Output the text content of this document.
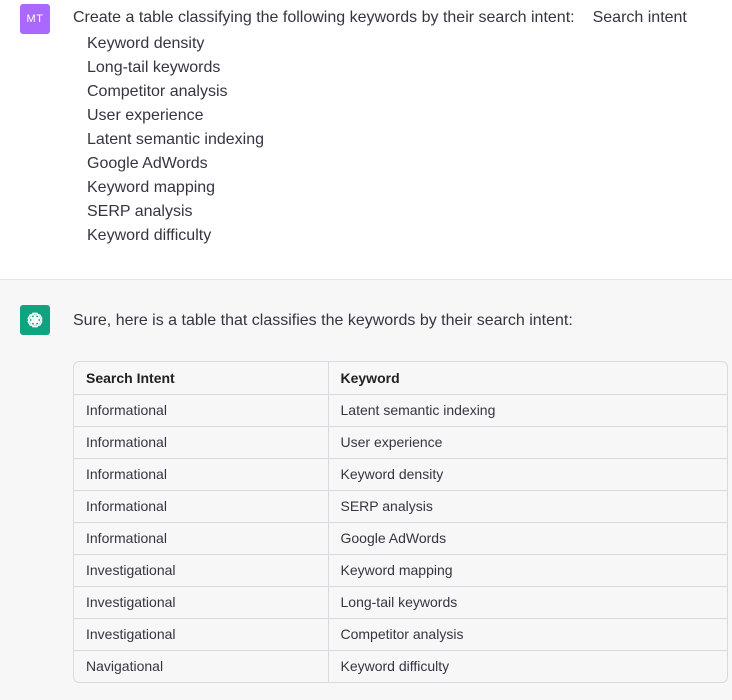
MT	Create a table classifying the following keywords by their search intent: Search intent
Keyword density
Long-tail keywords
Competitor analysis
User experience
Latent semantic indexing
Google AdWords
Keyword mapping
SERP analysis
Keyword difficulty
Sure, here is a table that classifies the keywords by their search intent:
Search Intent	Keyword
Informational	Latent semantic indexing
Informational	User experience
Informational	Keyword density
Informational	SERP analysis
Informational	Google AdWords
Investigational	Keyword mapping
Investigational	Long-tail keywords
Investigational	Competitor analysis
Navigational	Keyword difficulty
